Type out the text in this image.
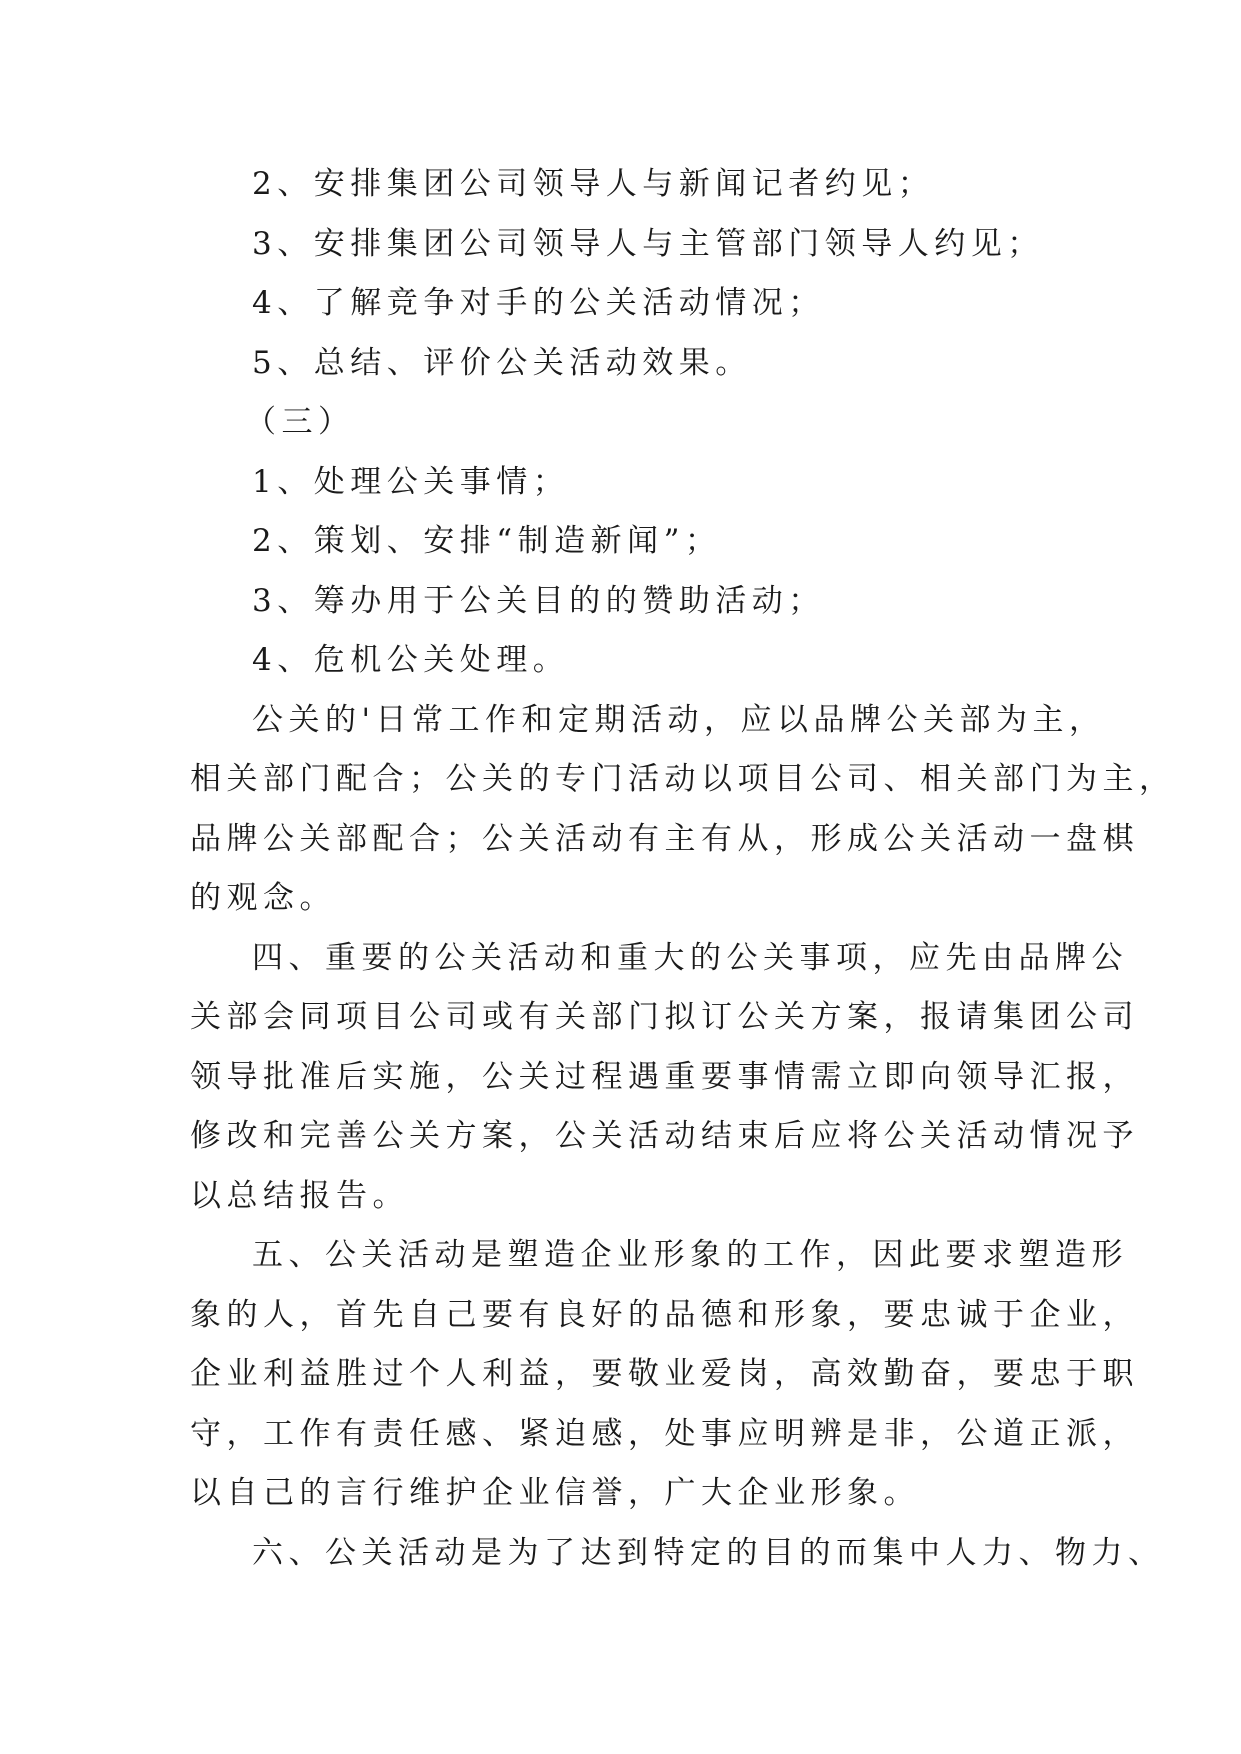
2、安排集团公司领导人与新闻记者约见；

3、安排集团公司领导人与主管部门领导人约见；

4、了解竞争对手的公关活动情况；

5、总结、评价公关活动效果。

（三）

1、处理公关事情；

2、策划、安排“制造新闻”；

3、筹办用于公关目的的赞助活动；

4、危机公关处理。

公关的'日常工作和定期活动，应以品牌公关部为主，

相关部门配合；公关的专门活动以项目公司、相关部门为主，

品牌公关部配合；公关活动有主有从，形成公关活动一盘棋

的观念。

四、重要的公关活动和重大的公关事项，应先由品牌公

关部会同项目公司或有关部门拟订公关方案，报请集团公司

领导批准后实施，公关过程遇重要事情需立即向领导汇报，

修改和完善公关方案，公关活动结束后应将公关活动情况予

以总结报告。

五、公关活动是塑造企业形象的工作，因此要求塑造形

象的人，首先自己要有良好的品德和形象，要忠诚于企业，

企业利益胜过个人利益，要敬业爱岗，高效勤奋，要忠于职

守，工作有责任感、紧迫感，处事应明辨是非，公道正派，

以自己的言行维护企业信誉，广大企业形象。

六、公关活动是为了达到特定的目的而集中人力、物力、
